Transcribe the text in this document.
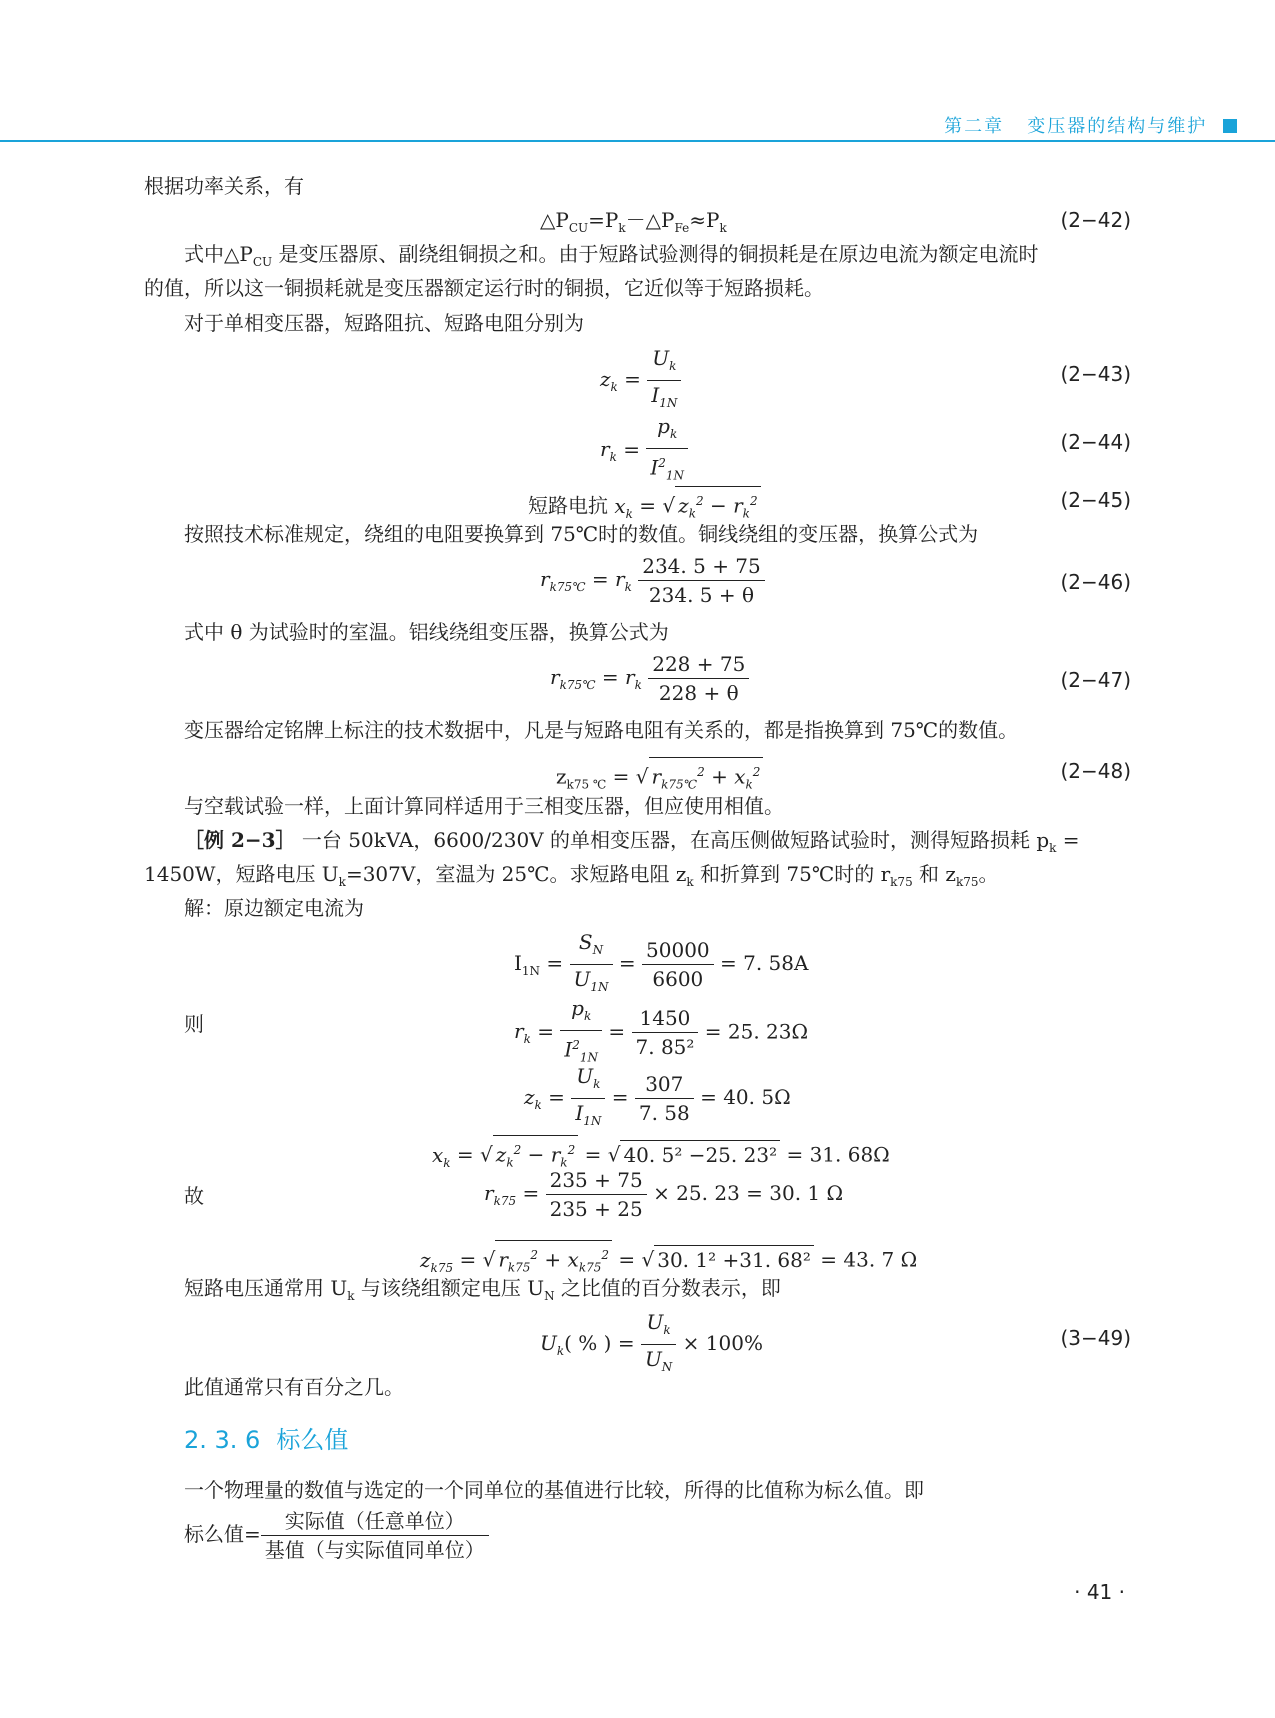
第二章 变压器的结构与维护
根据功率关系，有
$\triangle P_{CU}=P_k-\triangle P_{Fe}\approx P_k$	(2−42)
式中$\triangle P_{CU}$ 是变压器原、副绕组铜损之和。由于短路试验测得的铜损耗是在原边电流为额定电流时
的值，所以这一铜损耗就是变压器额定运行时的铜损，它近似等于短路损耗。
对于单相变压器，短路阻抗、短路电阻分别为
$z_k = \frac{U_k}{I_{1N}}$	(2−43)
$r_k = \frac{p_k}{I^2_{1N}}$	(2−44)
短路电抗 $x_k$ = √ $z_k^2 - r_k^2$	(2−45)
按照技术标准规定，绕组的电阻要换算到 75℃时的数值。铜线绕组的变压器，换算公式为
$r_{k75℃} = r_k \frac{234. 5 + 75}{234. 5 + \theta}$	(2−46)
式中 θ 为试验时的室温。铝线绕组变压器，换算公式为
$r_{k75℃} = r_k \frac{228 + 75}{228 + \theta}$	(2−47)
变压器给定铭牌上标注的技术数据中，凡是与短路电阻有关系的，都是指换算到 75℃的数值。
$z_{k75 ℃}$ = √ $r_{k75℃}^2 + x_k^2$	(2−48)
与空载试验一样，上面计算同样适用于三相变压器，但应使用相值。
［例 2−3］ 一台 50kVA，6600/230V 的单相变压器，在高压侧做短路试验时，测得短路损耗 $p_k$ =
1450W，短路电压 $U_k=307V$，室温为 25℃。求短路电阻 $z_k$ 和折算到 75℃时的 $r_{k75}$ 和 $z_{k75}$。
解：原边额定电流为
$I_{1N} = \frac{S_N}{U_{1N}} = \frac{50000}{6600} = 7$. 58A
则	$r_k = \frac{p_k}{I^2_{1N}} = \frac{1450}{\text{7. 85²}} = 25$. 23Ω
$z_k = \frac{U_k}{I_{1N}} = \frac{307}{7. 58} = 40$. 5Ω
$x_k$ = √ $z_k^2 - r_k^2$ = √ 40. 5² −25. 23² = 31. 68Ω
故	$r_{k75} = \frac{235 + 75}{235 + 25} \times 25$. 23 = 30. 1 Ω
$z_{k75}$ = √ $r_{k75}^2 + x_{k75}^2$ = √ 30. 1² +31. 68² = 43. 7 Ω
短路电压通常用 $U_k$ 与该绕组额定电压 $U_N$ 之比值的百分数表示，即
$U_k$( % ) = $\frac{U_k}{U_N} \times 100\%$	(3−49)
此值通常只有百分之几。
2. 3. 6 标么值
一个物理量的数值与选定的一个同单位的基值进行比较，所得的比值称为标么值。即
标么值= $\frac{\text{实际值（任意单位）}}{\text{基值（与实际值同单位）}}$
· 41 ·
